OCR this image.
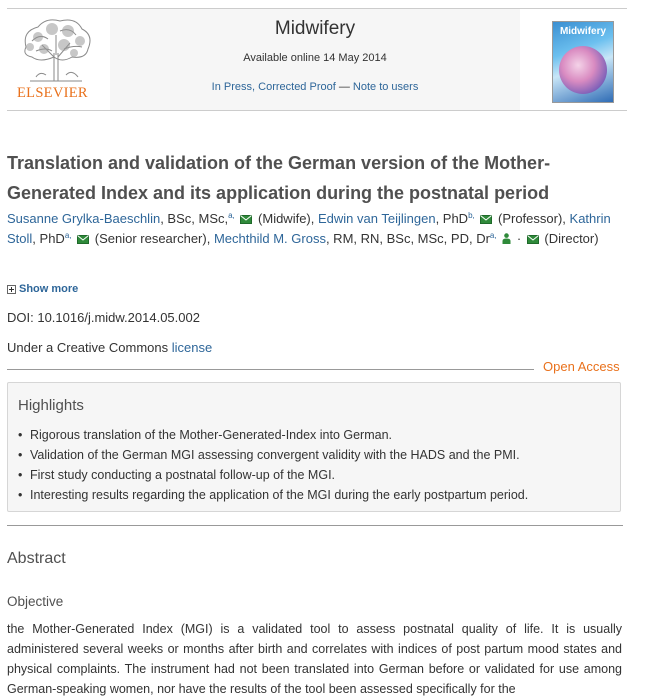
ELSEVIER
Midwifery
Available online 14 May 2014
In Press, Corrected Proof — Note to users
Midwifery
Translation and validation of the German version of the Mother-Generated Index and its application during the postnatal period
Susanne Grylka-Baeschlin, BSc, MSc,$^{a,}$  (Midwife), Edwin van Teijlingen, PhD$^{b,}$  (Professor), Kathrin Stoll, PhD$^{a,}$  (Senior researcher), Mechthild M. Gross, RM, RN, BSc, MSc, PD, $Dr^{a,}$  ·  (Director)
Show more
DOI: 10.1016/j.midw.2014.05.002
Under a Creative Commons license
Open Access
Highlights
• Rigorous translation of the Mother-Generated-Index into German.
• Validation of the German MGI assessing convergent validity with the HADS and the PMI.
• First study conducting a postnatal follow-up of the MGI.
• Interesting results regarding the application of the MGI during the early postpartum period.
Abstract
Objective
the Mother-Generated Index (MGI) is a validated tool to assess postnatal quality of life. It is usually administered several weeks or months after birth and correlates with indices of post partum mood states and physical complaints. The instrument had not been translated into German before or validated for use among German-speaking women, nor have the results of the tool been assessed specifically for the
